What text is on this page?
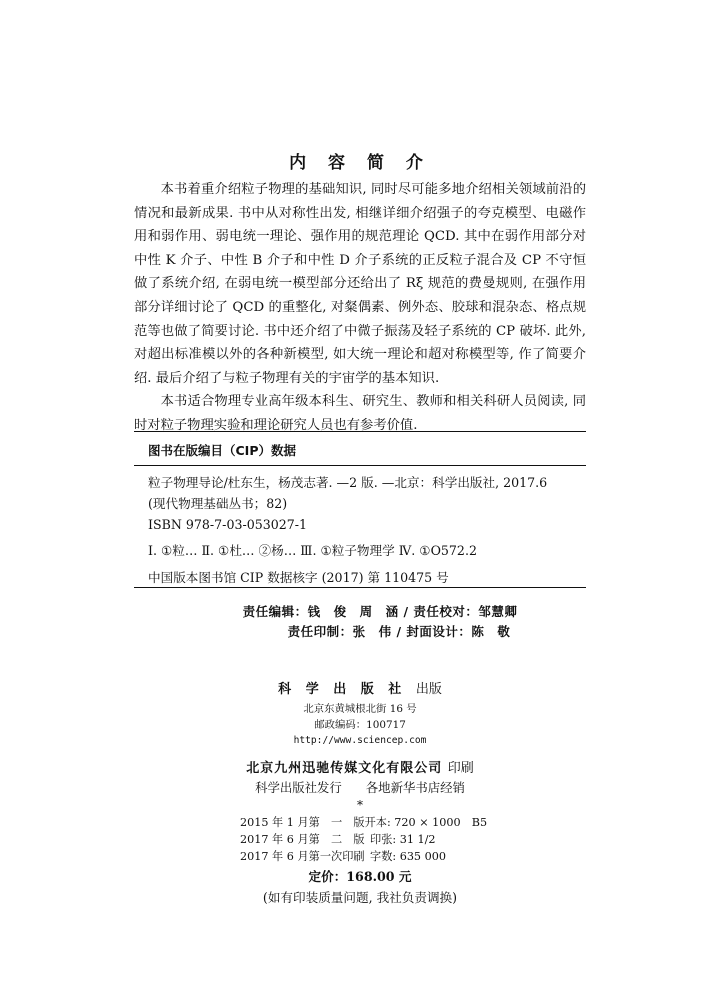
内 容 简 介

本书着重介绍粒子物理的基础知识, 同时尽可能多地介绍相关领域前沿的情况和最新成果. 书中从对称性出发, 相继详细介绍强子的夸克模型、电磁作用和弱作用、弱电统一理论、强作用的规范理论 QCD. 其中在弱作用部分对中性 K 介子、中性 B 介子和中性 D 介子系统的正反粒子混合及 CP 不守恒做了系统介绍, 在弱电统一模型部分还给出了 Rξ 规范的费曼规则, 在强作用部分详细讨论了 QCD 的重整化, 对粲偶素、例外态、胶球和混杂态、格点规范等也做了简要讨论. 书中还介绍了中微子振荡及轻子系统的 CP 破坏. 此外, 对超出标准模以外的各种新模型, 如大统一理论和超对称模型等, 作了简要介绍. 最后介绍了与粒子物理有关的宇宙学的基本知识.

本书适合物理专业高年级本科生、研究生、教师和相关科研人员阅读, 同时对粒子物理实验和理论研究人员也有参考价值.

图书在版编目（CIP）数据
粒子物理导论/杜东生，杨茂志著. —2 版. —北京：科学出版社, 2017.6
(现代物理基础丛书；82)
ISBN 978-7-03-053027-1
Ⅰ. ①粒… Ⅱ. ①杜… ②杨… Ⅲ. ①粒子物理学 Ⅳ. ①O572.2
中国版本图书馆 CIP 数据核字 (2017) 第 110475 号
责任编辑：钱　俊　周　涵 / 责任校对：邹慧卿
责任印制：张　伟 / 封面设计：陈　敬
科 学 出 版 社 出版
北京东黄城根北街 16 号
邮政编码：100717
http://www.sciencep.com
北京九州迅驰传媒文化有限公司 印刷
科学出版社发行 各地新华书店经销
*
2015 年 1 月第　一　版 开本: 720 × 1000　B5
2017 年 6 月第　二　版 印张: 31 1/2
2017 年 6 月第一次印刷 字数: 635 000
定价：168.00 元
(如有印装质量问题, 我社负责调换)
